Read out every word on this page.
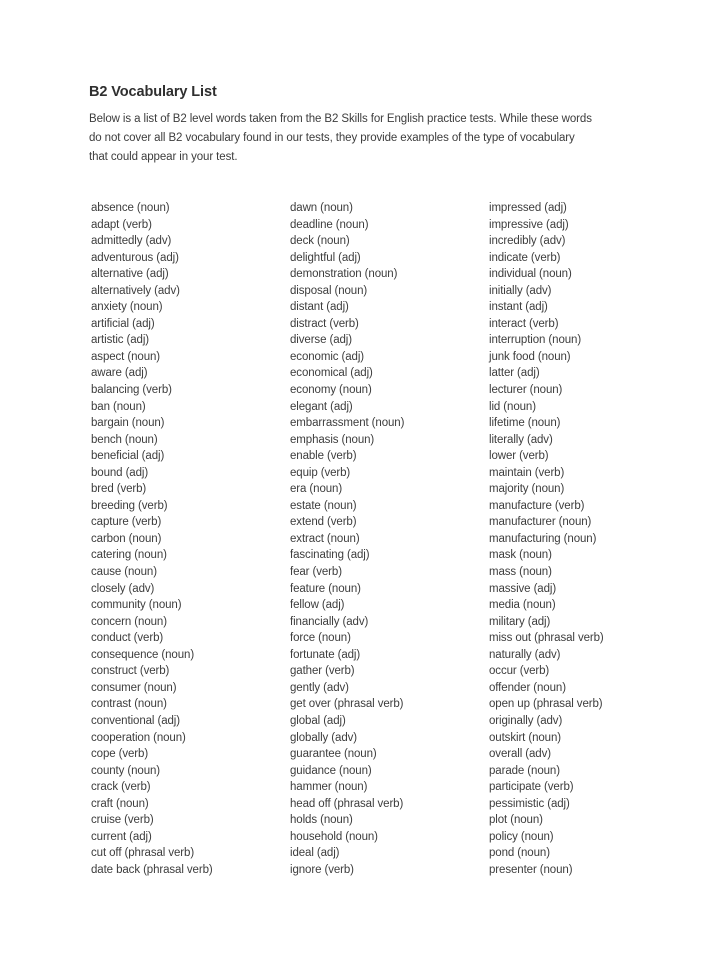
B2 Vocabulary List
Below is a list of B2 level words taken from the B2 Skills for English practice tests. While these words
do not cover all B2 vocabulary found in our tests, they provide examples of the type of vocabulary
that could appear in your test.
absence (noun)
adapt (verb)
admittedly (adv)
adventurous (adj)
alternative (adj)
alternatively (adv)
anxiety (noun)
artificial (adj)
artistic (adj)
aspect (noun)
aware (adj)
balancing (verb)
ban (noun)
bargain (noun)
bench (noun)
beneficial (adj)
bound (adj)
bred (verb)
breeding (verb)
capture (verb)
carbon (noun)
catering (noun)
cause (noun)
closely (adv)
community (noun)
concern (noun)
conduct (verb)
consequence (noun)
construct (verb)
consumer (noun)
contrast (noun)
conventional (adj)
cooperation (noun)
cope (verb)
county (noun)
crack (verb)
craft (noun)
cruise (verb)
current (adj)
cut off (phrasal verb)
date back (phrasal verb)
dawn (noun)
deadline (noun)
deck (noun)
delightful (adj)
demonstration (noun)
disposal (noun)
distant (adj)
distract (verb)
diverse (adj)
economic (adj)
economical (adj)
economy (noun)
elegant (adj)
embarrassment (noun)
emphasis (noun)
enable (verb)
equip (verb)
era (noun)
estate (noun)
extend (verb)
extract (noun)
fascinating (adj)
fear (verb)
feature (noun)
fellow (adj)
financially (adv)
force (noun)
fortunate (adj)
gather (verb)
gently (adv)
get over (phrasal verb)
global (adj)
globally (adv)
guarantee (noun)
guidance (noun)
hammer (noun)
head off (phrasal verb)
holds (noun)
household (noun)
ideal (adj)
ignore (verb)
impressed (adj)
impressive (adj)
incredibly (adv)
indicate (verb)
individual (noun)
initially (adv)
instant (adj)
interact (verb)
interruption (noun)
junk food (noun)
latter (adj)
lecturer (noun)
lid (noun)
lifetime (noun)
literally (adv)
lower (verb)
maintain (verb)
majority (noun)
manufacture (verb)
manufacturer (noun)
manufacturing (noun)
mask (noun)
mass (noun)
massive (adj)
media (noun)
military (adj)
miss out (phrasal verb)
naturally (adv)
occur (verb)
offender (noun)
open up (phrasal verb)
originally (adv)
outskirt (noun)
overall (adv)
parade (noun)
participate (verb)
pessimistic (adj)
plot (noun)
policy (noun)
pond (noun)
presenter (noun)
